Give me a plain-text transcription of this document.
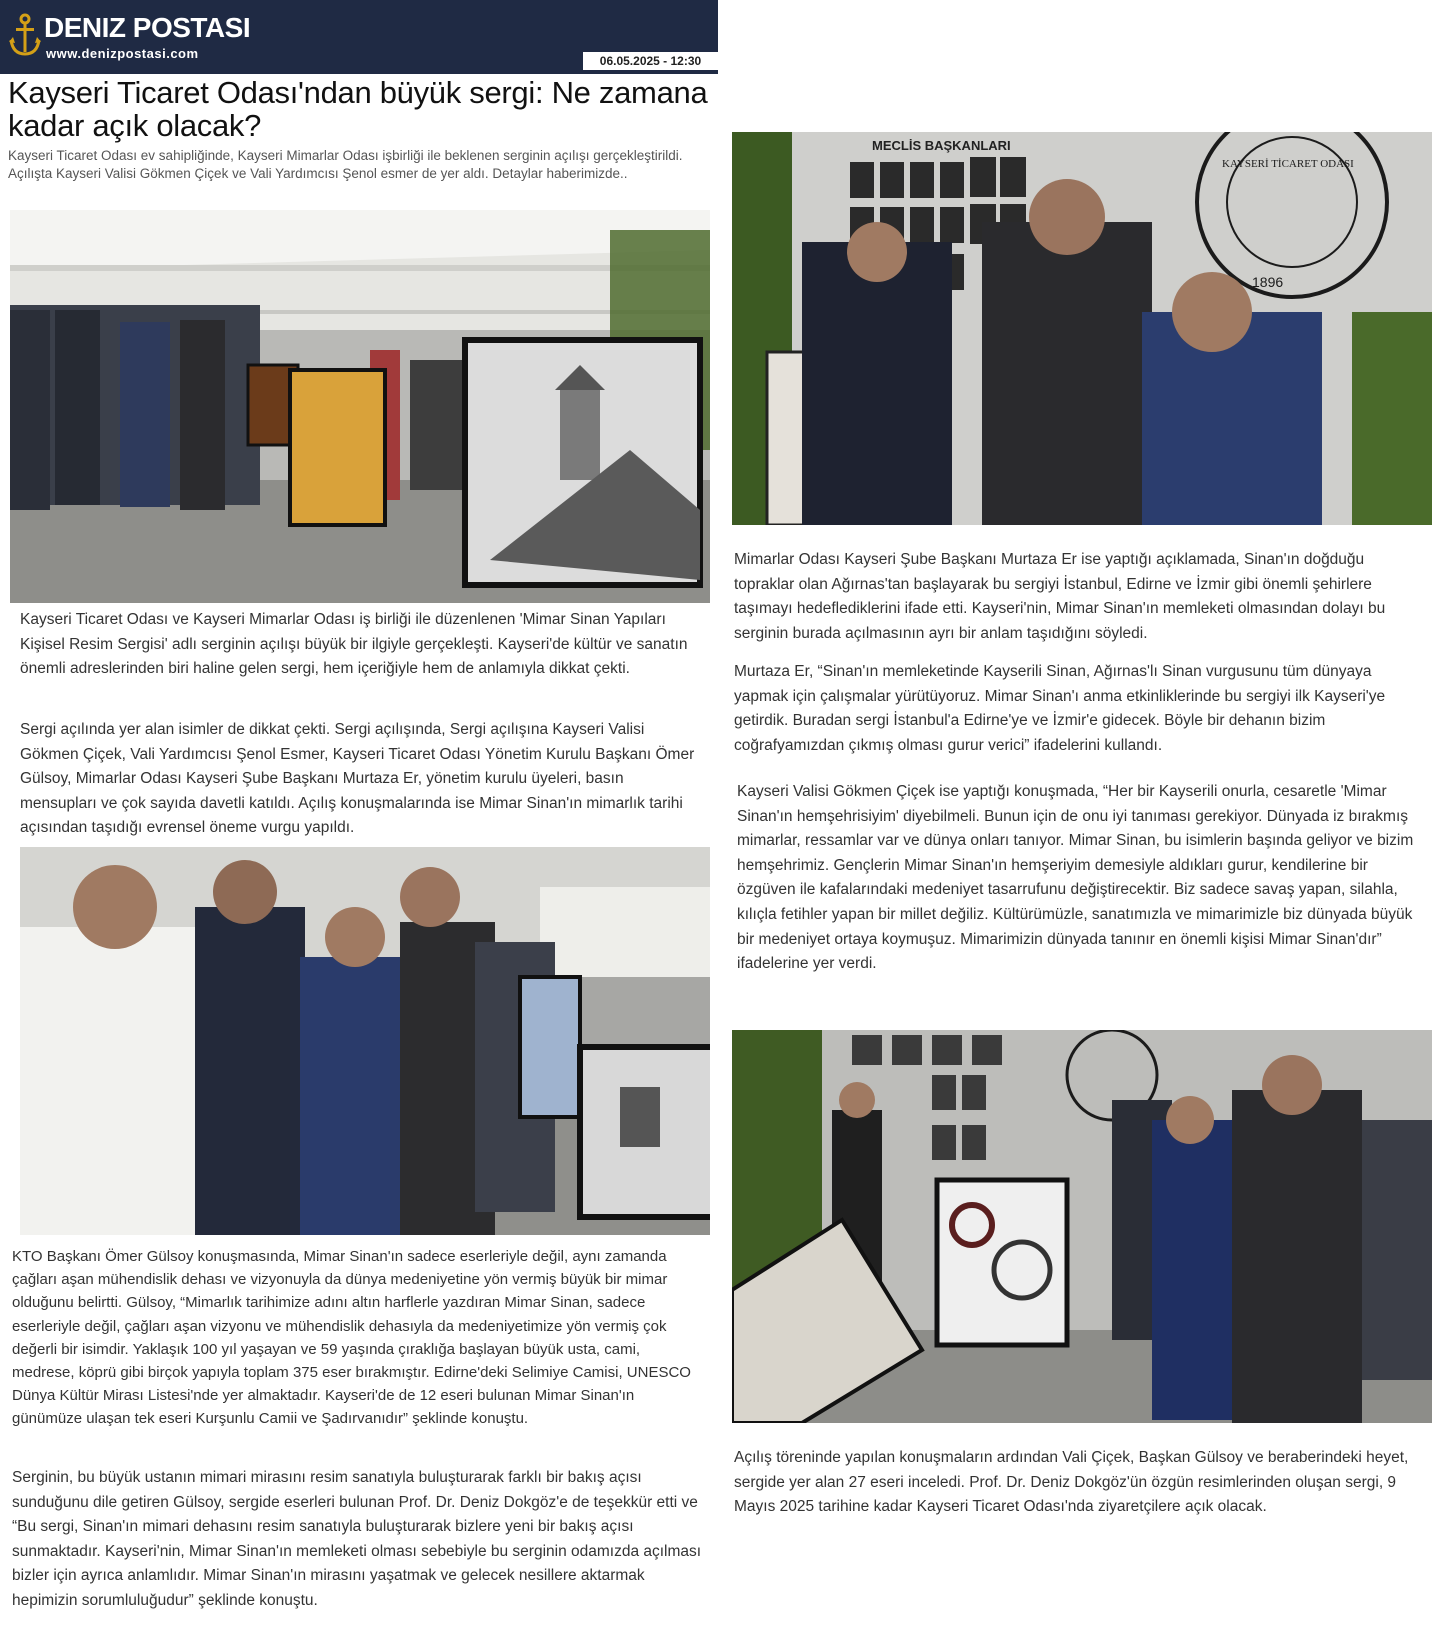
DENIZ POSTASI
www.denizpostasi.com	06.05.2025 - 12:30
Kayseri Ticaret Odası'ndan büyük sergi: Ne zamana kadar açık olacak?

Kayseri Ticaret Odası ev sahipliğinde, Kayseri Mimarlar Odası işbirliği ile beklenen serginin açılışı gerçekleştirildi. Açılışta Kayseri Valisi Gökmen Çiçek ve Vali Yardımcısı Şenol esmer de yer aldı. Detaylar haberimizde..

Kayseri Ticaret Odası ve Kayseri Mimarlar Odası iş birliği ile düzenlenen 'Mimar Sinan Yapıları Kişisel Resim Sergisi' adlı serginin açılışı büyük bir ilgiyle gerçekleşti. Kayseri'de kültür ve sanatın önemli adreslerinden biri haline gelen sergi, hem içeriğiyle hem de anlamıyla dikkat çekti.

Sergi açılında yer alan isimler de dikkat çekti. Sergi açılışında, Sergi açılışına Kayseri Valisi Gökmen Çiçek, Vali Yardımcısı Şenol Esmer, Kayseri Ticaret Odası Yönetim Kurulu Başkanı Ömer Gülsoy, Mimarlar Odası Kayseri Şube Başkanı Murtaza Er, yönetim kurulu üyeleri, basın mensupları ve çok sayıda davetli katıldı. Açılış konuşmalarında ise Mimar Sinan'ın mimarlık tarihi açısından taşıdığı evrensel öneme vurgu yapıldı.

KTO Başkanı Ömer Gülsoy konuşmasında, Mimar Sinan'ın sadece eserleriyle değil, aynı zamanda çağları aşan mühendislik dehası ve vizyonuyla da dünya medeniyetine yön vermiş büyük bir mimar olduğunu belirtti. Gülsoy, “Mimarlık tarihimize adını altın harflerle yazdıran Mimar Sinan, sadece eserleriyle değil, çağları aşan vizyonu ve mühendislik dehasıyla da medeniyetimize yön vermiş çok değerli bir isimdir. Yaklaşık 100 yıl yaşayan ve 59 yaşında çıraklığa başlayan büyük usta, cami, medrese, köprü gibi birçok yapıyla toplam 375 eser bırakmıştır. Edirne'deki Selimiye Camisi, UNESCO Dünya Kültür Mirası Listesi'nde yer almaktadır. Kayseri'de de 12 eseri bulunan Mimar Sinan'ın günümüze ulaşan tek eseri Kurşunlu Camii ve Şadırvanıdır” şeklinde konuştu.

Serginin, bu büyük ustanın mimari mirasını resim sanatıyla buluşturarak farklı bir bakış açısı sunduğunu dile getiren Gülsoy, sergide eserleri bulunan Prof. Dr. Deniz Dokgöz'e de teşekkür etti ve “Bu sergi, Sinan'ın mimari dehasını resim sanatıyla buluşturarak bizlere yeni bir bakış açısı sunmaktadır. Kayseri'nin, Mimar Sinan'ın memleketi olması sebebiyle bu serginin odamızda açılması bizler için ayrıca anlamlıdır. Mimar Sinan'ın mirasını yaşatmak ve gelecek nesillere aktarmak hepimizin sorumluluğudur” şeklinde konuştu.

MECLİS BAŞKANLARI
1896
KAYSERİ TİCARET ODASI

Mimarlar Odası Kayseri Şube Başkanı Murtaza Er ise yaptığı açıklamada, Sinan'ın doğduğu topraklar olan Ağırnas'tan başlayarak bu sergiyi İstanbul, Edirne ve İzmir gibi önemli şehirlere taşımayı hedeflediklerini ifade etti. Kayseri'nin, Mimar Sinan'ın memleketi olmasından dolayı bu serginin burada açılmasının ayrı bir anlam taşıdığını söyledi.

Murtaza Er, “Sinan'ın memleketinde Kayserili Sinan, Ağırnas'lı Sinan vurgusunu tüm dünyaya yapmak için çalışmalar yürütüyoruz. Mimar Sinan'ı anma etkinliklerinde bu sergiyi ilk Kayseri'ye getirdik. Buradan sergi İstanbul'a Edirne'ye ve İzmir'e gidecek. Böyle bir dehanın bizim coğrafyamızdan çıkmış olması gurur verici” ifadelerini kullandı.

Kayseri Valisi Gökmen Çiçek ise yaptığı konuşmada, “Her bir Kayserili onurla, cesaretle 'Mimar Sinan'ın hemşehrisiyim' diyebilmeli. Bunun için de onu iyi tanıması gerekiyor. Dünyada iz bırakmış mimarlar, ressamlar var ve dünya onları tanıyor. Mimar Sinan, bu isimlerin başında geliyor ve bizim hemşehrimiz. Gençlerin Mimar Sinan'ın hemşeriyim demesiyle aldıkları gurur, kendilerine bir özgüven ile kafalarındaki medeniyet tasarrufunu değiştirecektir. Biz sadece savaş yapan, silahla, kılıçla fetihler yapan bir millet değiliz. Kültürümüzle, sanatımızla ve mimarimizle biz dünyada büyük bir medeniyet ortaya koymuşuz. Mimarimizin dünyada tanınır en önemli kişisi Mimar Sinan'dır” ifadelerine yer verdi.

Açılış töreninde yapılan konuşmaların ardından Vali Çiçek, Başkan Gülsoy ve beraberindeki heyet, sergide yer alan 27 eseri inceledi. Prof. Dr. Deniz Dokgöz'ün özgün resimlerinden oluşan sergi, 9 Mayıs 2025 tarihine kadar Kayseri Ticaret Odası'nda ziyaretçilere açık olacak.
